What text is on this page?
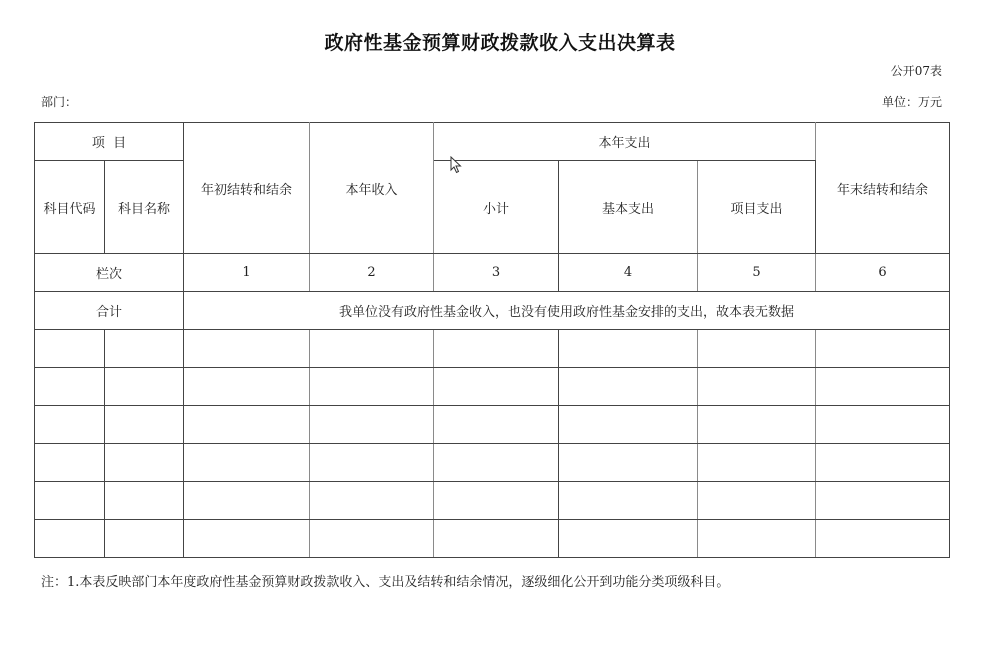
政府性基金预算财政拨款收入支出决算表
公开07表
部门：	单位：万元
项  目		年初结转和结余	本年收入	本年支出			年末结转和结余
科目代码	科目名称			小计	基本支出	项目支出	
栏次		1	2	3	4	5	6
合计		我单位没有政府性基金收入，也没有使用政府性基金安排的支出，故本表无数据					

注：1.本表反映部门本年度政府性基金预算财政拨款收入、支出及结转和结余情况，逐级细化公开到功能分类项级科目。
